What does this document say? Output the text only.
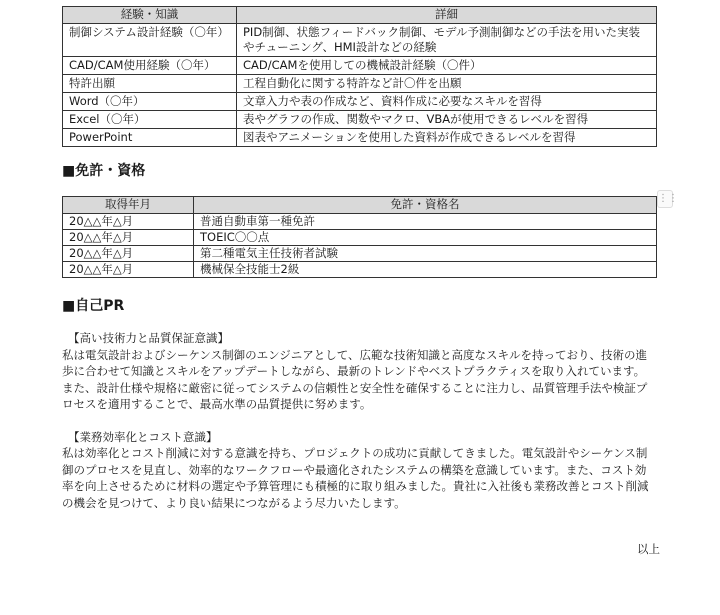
経験・知識	詳細
制御システム設計経験（〇年）	PID制御、状態フィードバック制御、モデル予測制御などの手法を用いた実装やチューニング、HMI設計などの経験
CAD/CAM使用経験（〇年）	CAD/CAMを使用しての機械設計経験（〇件）
特許出願	工程自動化に関する特許など計〇件を出願
Word（〇年）	文章入力や表の作成など、資料作成に必要なスキルを習得
Excel（〇年）	表やグラフの作成、関数やマクロ、VBAが使用できるレベルを習得
PowerPoint	図表やアニメーションを使用した資料が作成できるレベルを習得
■免許・資格
取得年月	免許・資格名
20△△年△月	普通自動車第一種免許
20△△年△月	TOEIC〇〇点
20△△年△月	第二種電気主任技術者試験
20△△年△月	機械保全技能士2級
■自己PR

【高い技術力と品質保証意識】

私は電気設計およびシーケンス制御のエンジニアとして、広範な技術知識と高度なスキルを持っており、技術の進歩に合わせて知識とスキルをアップデートしながら、最新のトレンドやベストプラクティスを取り入れています。また、設計仕様や規格に厳密に従ってシステムの信頼性と安全性を確保することに注力し、品質管理手法や検証プロセスを適用することで、最高水準の品質提供に努めます。

【業務効率化とコスト意識】

私は効率化とコスト削減に対する意識を持ち、プロジェクトの成功に貢献してきました。電気設計やシーケンス制御のプロセスを見直し、効率的なワークフローや最適化されたシステムの構築を意識しています。また、コスト効率を向上させるために材料の選定や予算管理にも積極的に取り組みました。貴社に入社後も業務改善とコスト削減の機会を見つけて、より良い結果につながるよう尽力いたします。

以上
⋮⋮
